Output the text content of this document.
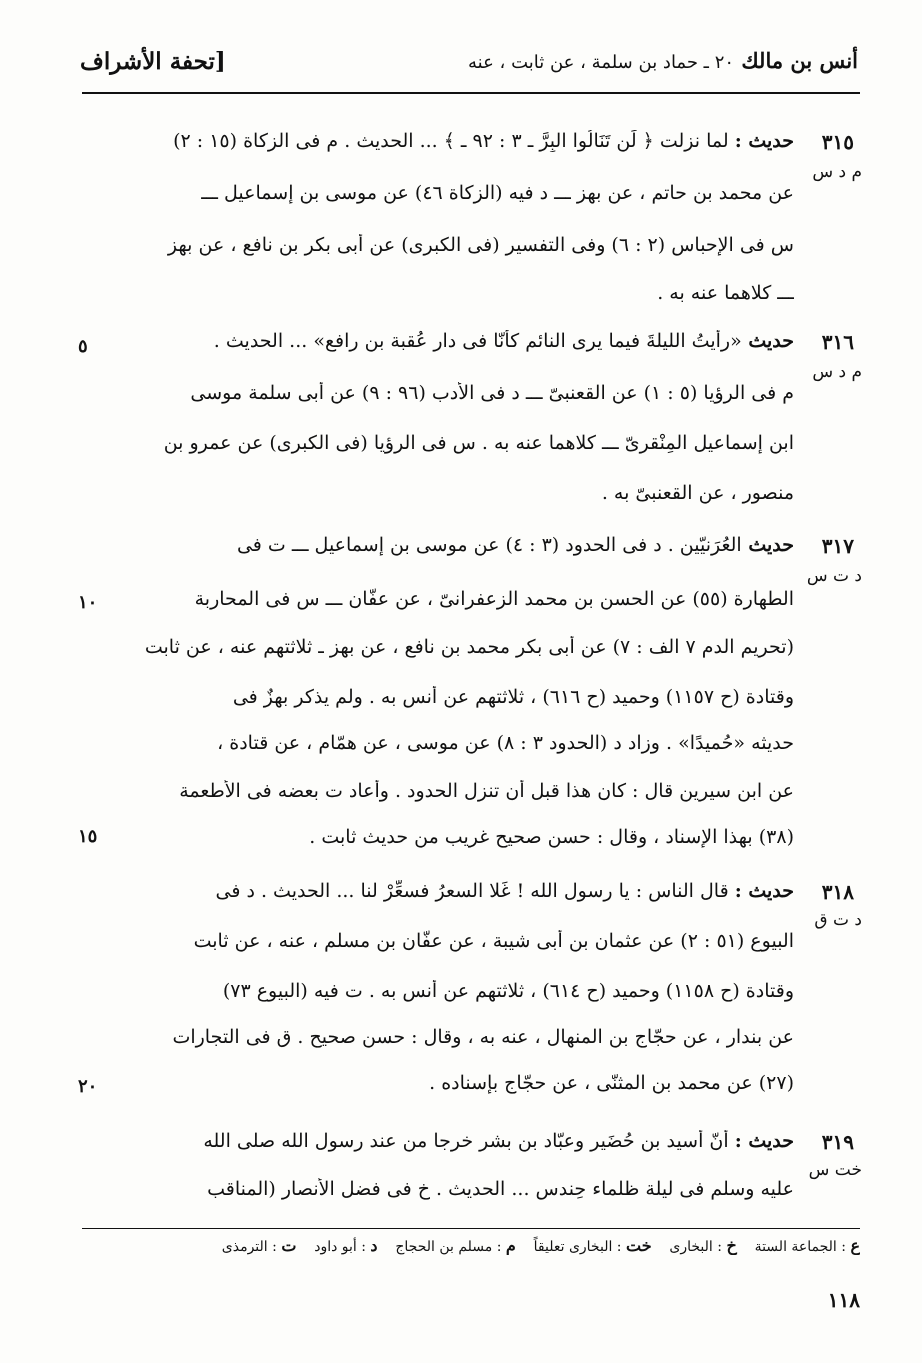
أنس بن مالك ٢٠ ـ حماد بن سلمة ، عن ثابت ، عنه
[تحفة الأشراف
٣١٥
م د س
حديث : لما نزلت ﴿ لَن تَنَالُوا البِرَّ ـ ٣ : ٩٢ ـ ﴾ ... الحديث . م فى الزكاة (١٥ : ٢)
عن محمد بن حاتم ، عن بهز ـــ د فيه (الزكاة ٤٦) عن موسى بن إسماعيل ـــ
س فى الإحباس (٢ : ٦) وفى التفسير (فى الكبرى) عن أبى بكر بن نافع ، عن بهز
ـــ كلاهما عنه به .
٣١٦
م د س
حديث «رأيتُ الليلةَ فيما يرى النائم كأنّا فى دار عُقبة بن رافع» ... الحديث .
م فى الرؤيا (٥ : ١) عن القعنبىّ ـــ د فى الأدب (٩٦ : ٩) عن أبى سلمة موسى
ابن إسماعيل المِنْقرىّ ـــ كلاهما عنه به . س فى الرؤيا (فى الكبرى) عن عمرو بن
منصور ، عن القعنبىّ به .
٣١٧
د ت س
حديث العُرَنيّين . د فى الحدود (٣ : ٤) عن موسى بن إسماعيل ـــ ت فى
الطهارة (٥٥) عن الحسن بن محمد الزعفرانىّ ، عن عفّان ـــ س فى المحاربة
(تحريم الدم ٧ الف : ٧) عن أبى بكر محمد بن نافع ، عن بهز ـ ثلاثتهم عنه ، عن ثابت
وقتادة (ح ١١٥٧) وحميد (ح ٦١٦) ، ثلاثتهم عن أنس به . ولم يذكر بهزٌ فى
حديثه «حُميدًا» . وزاد د (الحدود ٣ : ٨) عن موسى ، عن همّام ، عن قتادة ،
عن ابن سيرين قال : كان هذا قبل أن تنزل الحدود . وأعاد ت بعضه فى الأطعمة
(٣٨) بهذا الإسناد ، وقال : حسن صحيح غريب من حديث ثابت .
٣١٨
د ت ق
حديث : قال الناس : يا رسول الله ! غَلا السعرُ فسعِّرْ لنا ... الحديث . د فى
البيوع (٥١ : ٢) عن عثمان بن أبى شيبة ، عن عفّان بن مسلم ، عنه ، عن ثابت
وقتادة (ح ١١٥٨) وحميد (ح ٦١٤) ، ثلاثتهم عن أنس به . ت فيه (البيوع ٧٣)
عن بندار ، عن حجّاج بن المنهال ، عنه به ، وقال : حسن صحيح . ق فى التجارات
(٢٧) عن محمد بن المثنّى ، عن حجّاج بإسناده .
٣١٩
خت س
حديث : أنّ أُسيد بن حُضَير وعبّاد بن بشر خرجا من عند رسول الله صلى الله
عليه وسلم فى ليلة ظلماء حِندس ... الحديث . خ فى فضل الأنصار (المناقب
٥
١٠
١٥
٢٠
ع : الجماعة الستة    خ : البخارى    خت : البخارى تعليقاً    م : مسلم بن الحجاج    د : أبو داود    ت : الترمذى
١١٨
